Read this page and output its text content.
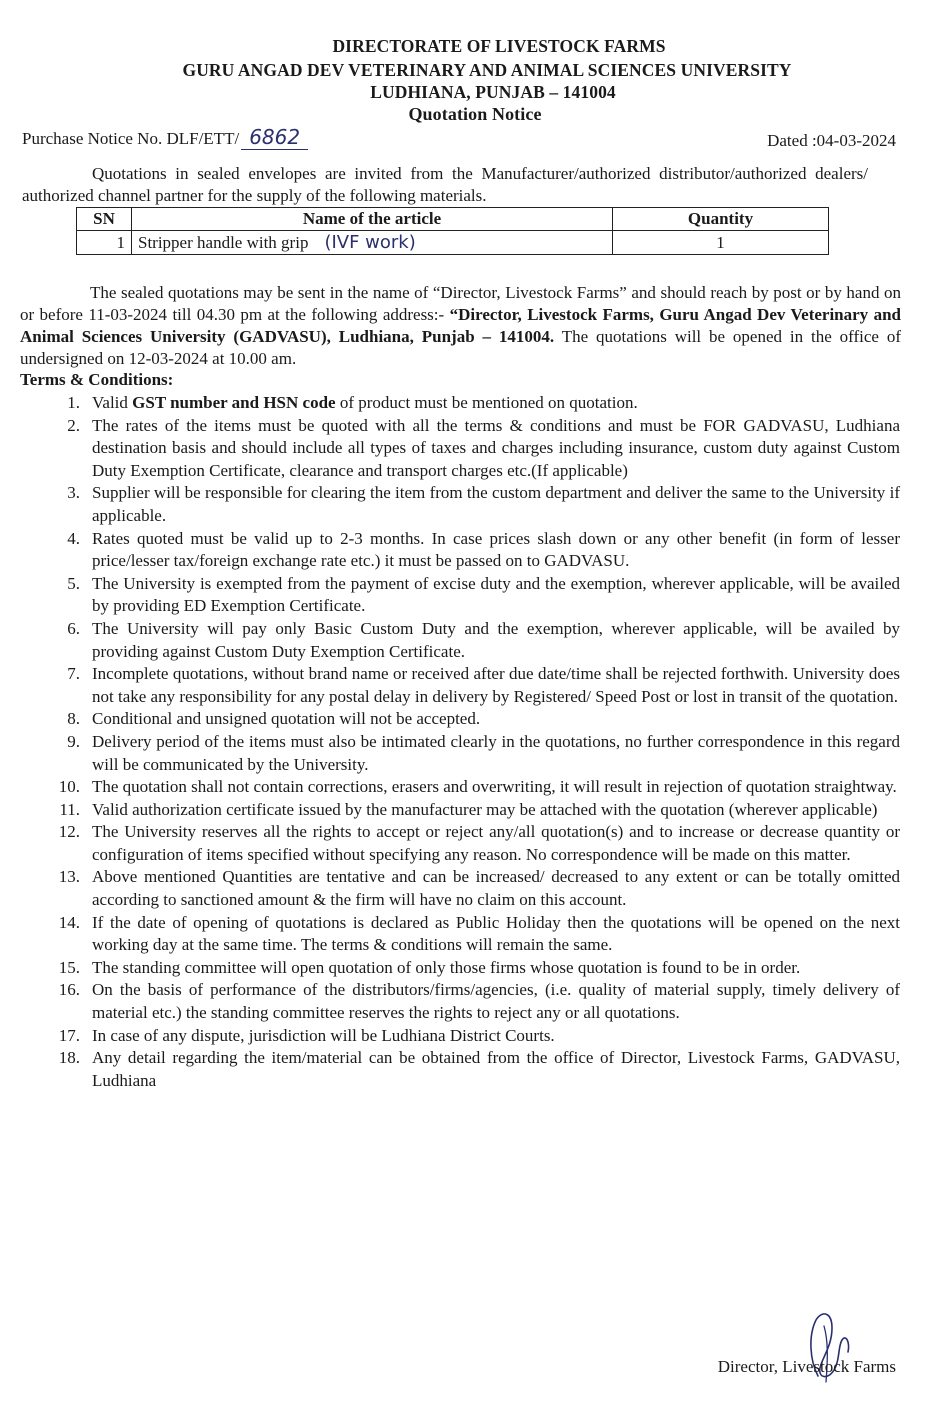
DIRECTORATE OF LIVESTOCK FARMS
GURU ANGAD DEV VETERINARY AND ANIMAL SCIENCES UNIVERSITY
LUDHIANA, PUNJAB – 141004
Quotation Notice
Purchase Notice No. DLF/ETT/ 6862	Dated :04-03-2024
Quotations in sealed envelopes are invited from the Manufacturer/authorized distributor/authorized dealers/ authorized channel partner for the supply of the following materials.
SN	Name of the article	Quantity
1	Stripper handle with grip (IVF work)	1
The sealed quotations may be sent in the name of “Director, Livestock Farms” and should reach by post or by hand on or before 11-03-2024 till 04.30 pm at the following address:- “Director, Livestock Farms, Guru Angad Dev Veterinary and Animal Sciences University (GADVASU), Ludhiana, Punjab – 141004. The quotations will be opened in the office of undersigned on 12-03-2024 at 10.00 am.
Terms & Conditions:
1. Valid GST number and HSN code of product must be mentioned on quotation.
2. The rates of the items must be quoted with all the terms & conditions and must be FOR GADVASU, Ludhiana destination basis and should include all types of taxes and charges including insurance, custom duty against Custom Duty Exemption Certificate, clearance and transport charges etc.(If applicable)
3. Supplier will be responsible for clearing the item from the custom department and deliver the same to the University if applicable.
4. Rates quoted must be valid up to 2-3 months. In case prices slash down or any other benefit (in form of lesser price/lesser tax/foreign exchange rate etc.) it must be passed on to GADVASU.
5. The University is exempted from the payment of excise duty and the exemption, wherever applicable, will be availed by providing ED Exemption Certificate.
6. The University will pay only Basic Custom Duty and the exemption, wherever applicable, will be availed by providing against Custom Duty Exemption Certificate.
7. Incomplete quotations, without brand name or received after due date/time shall be rejected forthwith. University does not take any responsibility for any postal delay in delivery by Registered/ Speed Post or lost in transit of the quotation.
8. Conditional and unsigned quotation will not be accepted.
9. Delivery period of the items must also be intimated clearly in the quotations, no further correspondence in this regard will be communicated by the University.
10. The quotation shall not contain corrections, erasers and overwriting, it will result in rejection of quotation straightway.
11. Valid authorization certificate issued by the manufacturer may be attached with the quotation (wherever applicable)
12. The University reserves all the rights to accept or reject any/all quotation(s) and to increase or decrease quantity or configuration of items specified without specifying any reason. No correspondence will be made on this matter.
13. Above mentioned Quantities are tentative and can be increased/ decreased to any extent or can be totally omitted according to sanctioned amount & the firm will have no claim on this account.
14. If the date of opening of quotations is declared as Public Holiday then the quotations will be opened on the next working day at the same time. The terms & conditions will remain the same.
15. The standing committee will open quotation of only those firms whose quotation is found to be in order.
16. On the basis of performance of the distributors/firms/agencies, (i.e. quality of material supply, timely delivery of material etc.) the standing committee reserves the rights to reject any or all quotations.
17. In case of any dispute, jurisdiction will be Ludhiana District Courts.
18. Any detail regarding the item/material can be obtained from the office of Director, Livestock Farms, GADVASU, Ludhiana
Director, Livestock Farms
